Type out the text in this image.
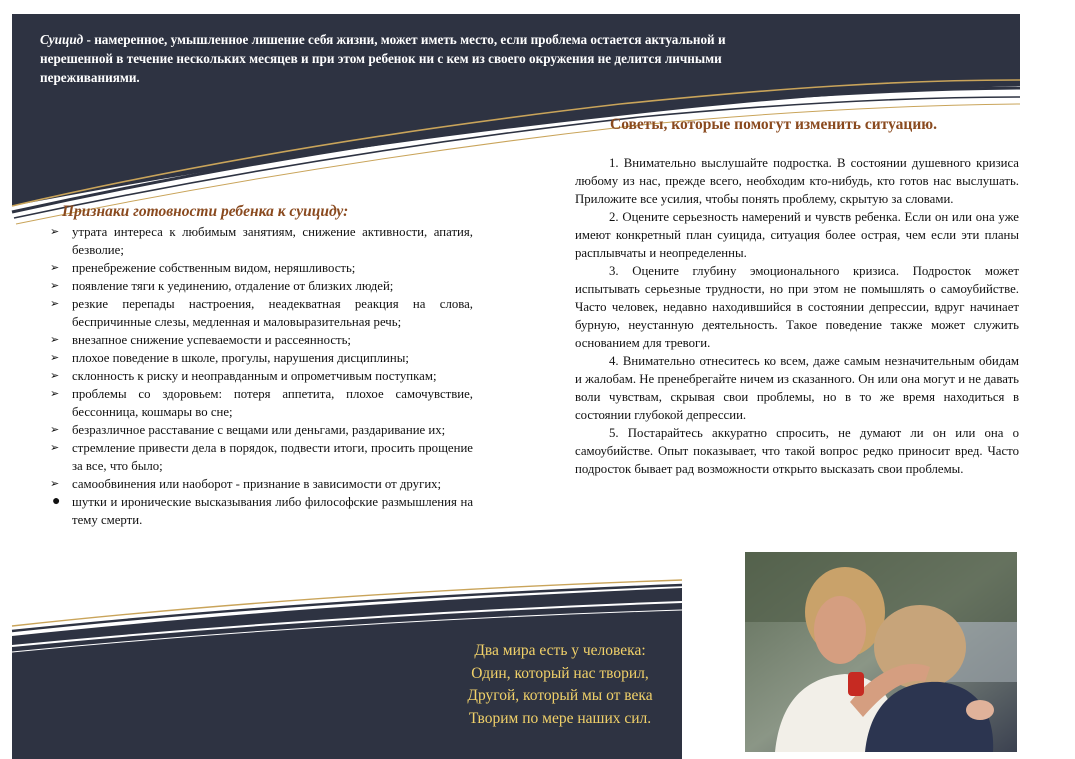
Суицид - намеренное, умышленное лишение себя жизни, может иметь место, если проблема остается актуальной и нерешенной в течение нескольких месяцев и при этом ребенок ни с кем из своего окружения не делится личными переживаниями.
Признаки готовности ребенка к суициду:
➢ утрата интереса к любимым занятиям, снижение активности, апатия, безволие;
➢ пренебрежение собственным видом, неряшливость;
➢ появление тяги к уединению, отдаление от близких людей;
➢ резкие перепады настроения, неадекватная реакция на слова, беспричинные слезы, медленная и маловыразительная речь;
➢ внезапное снижение успеваемости и рассеянность;
➢ плохое поведение в школе, прогулы, нарушения дисциплины;
➢ склонность к риску и неоправданным и опрометчивым поступкам;
➢ проблемы со здоровьем: потеря аппетита, плохое самочувствие, бессонница, кошмары во сне;
➢ безразличное расставание с вещами или деньгами, раздаривание их;
➢ стремление привести дела в порядок, подвести итоги, просить прощение за все, что было;
➢ самообвинения или наоборот - признание в зависимости от других;
● шутки и иронические высказывания либо философские размышления на тему смерти.
Советы, которые помогут изменить ситуацию.

1. Внимательно выслушайте подростка. В состоянии душевного кризиса любому из нас, прежде всего, необходим кто-нибудь, кто готов нас выслушать. Приложите все усилия, чтобы понять проблему, скрытую за словами.

2. Оцените серьезность намерений и чувств ребенка. Если он или она уже имеют конкретный план суицида, ситуация более острая, чем если эти планы расплывчаты и неопределенны.

3. Оцените глубину эмоционального кризиса. Подросток может испытывать серьезные трудности, но при этом не помышлять о самоубийстве. Часто человек, недавно находившийся в состоянии депрессии, вдруг начинает бурную, неустанную деятельность. Такое поведение также может служить основанием для тревоги.

4. Внимательно отнеситесь ко всем, даже самым незначительным обидам и жалобам. Не пренебрегайте ничем из сказанного. Он или она могут и не давать воли чувствам, скрывая свои проблемы, но в то же время находиться в состоянии глубокой депрессии.

5. Постарайтесь аккуратно спросить, не думают ли он или она о самоубийстве. Опыт показывает, что такой вопрос редко приносит вред. Часто подросток бывает рад возможности открыто высказать свои проблемы.

Два мира есть у человека:
Один, который нас творил,
Другой, который мы от века
Творим по мере наших сил.
